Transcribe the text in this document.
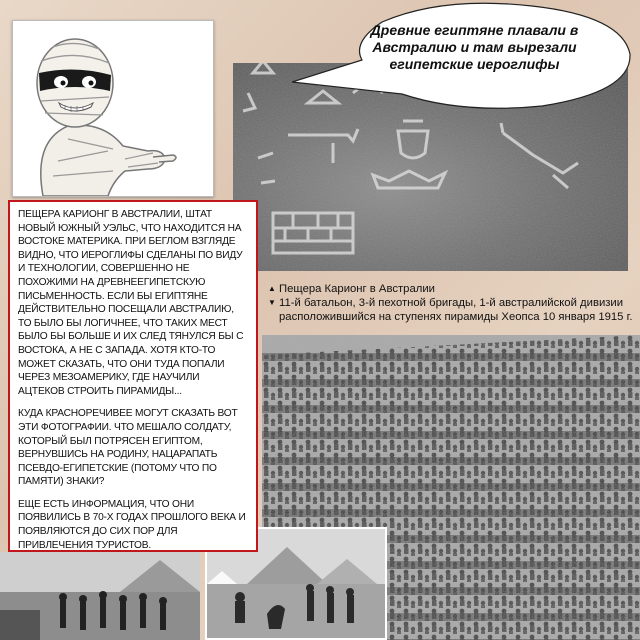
Древние египтяне плавали в Австралию и там вырезали египетские иероглифы
▲ Пещера Карионг в Австралии
▼ 11-й батальон, 3-й пехотной бригады, 1-й австралийской дивизии расположившийся на ступенях пирамиды Хеопса 10 января 1915 г.

ПЕЩЕРА КАРИОНГ В АВСТРАЛИИ, ШТАТ НОВЫЙ ЮЖНЫЙ УЭЛЬС, ЧТО НАХОДИТСЯ НА ВОСТОКЕ МАТЕРИКА. ПРИ БЕГЛОМ ВЗГЛЯДЕ ВИДНО, ЧТО ИЕРОГЛИФЫ СДЕЛАНЫ ПО ВИДУ И ТЕХНОЛОГИИ, СОВЕРШЕННО НЕ ПОХОЖИМИ НА ДРЕВНЕЕГИПЕТСКУЮ ПИСЬМЕННОСТЬ. ЕСЛИ БЫ ЕГИПТЯНЕ ДЕЙСТВИТЕЛЬНО ПОСЕЩАЛИ АВСТРАЛИЮ, ТО БЫЛО БЫ ЛОГИЧНЕЕ, ЧТО ТАКИХ МЕСТ БЫЛО БЫ БОЛЬШЕ И ИХ СЛЕД ТЯНУЛСЯ БЫ С ВОСТОКА, А НЕ С ЗАПАДА. ХОТЯ КТО-ТО МОЖЕТ СКАЗАТЬ, ЧТО ОНИ ТУДА ПОПАЛИ ЧЕРЕЗ МЕЗОАМЕРИКУ, ГДЕ НАУЧИЛИ АЦТЕКОВ СТРОИТЬ ПИРАМИДЫ...

КУДА КРАСНОРЕЧИВЕЕ МОГУТ СКАЗАТЬ ВОТ ЭТИ ФОТОГРАФИИ. ЧТО МЕШАЛО СОЛДАТУ, КОТОРЫЙ БЫЛ ПОТРЯСЕН ЕГИПТОМ, ВЕРНУВШИСЬ НА РОДИНУ, НАЦАРАПАТЬ ПСЕВДО-ЕГИПЕТСКИЕ (ПОТОМУ ЧТО ПО ПАМЯТИ) ЗНАКИ?

ЕЩЕ ЕСТЬ ИНФОРМАЦИЯ, ЧТО ОНИ ПОЯВИЛИСЬ В 70-Х ГОДАХ ПРОШЛОГО ВЕКА И ПОЯВЛЯЮТСЯ ДО СИХ ПОР ДЛЯ ПРИВЛЕЧЕНИЯ ТУРИСТОВ.
